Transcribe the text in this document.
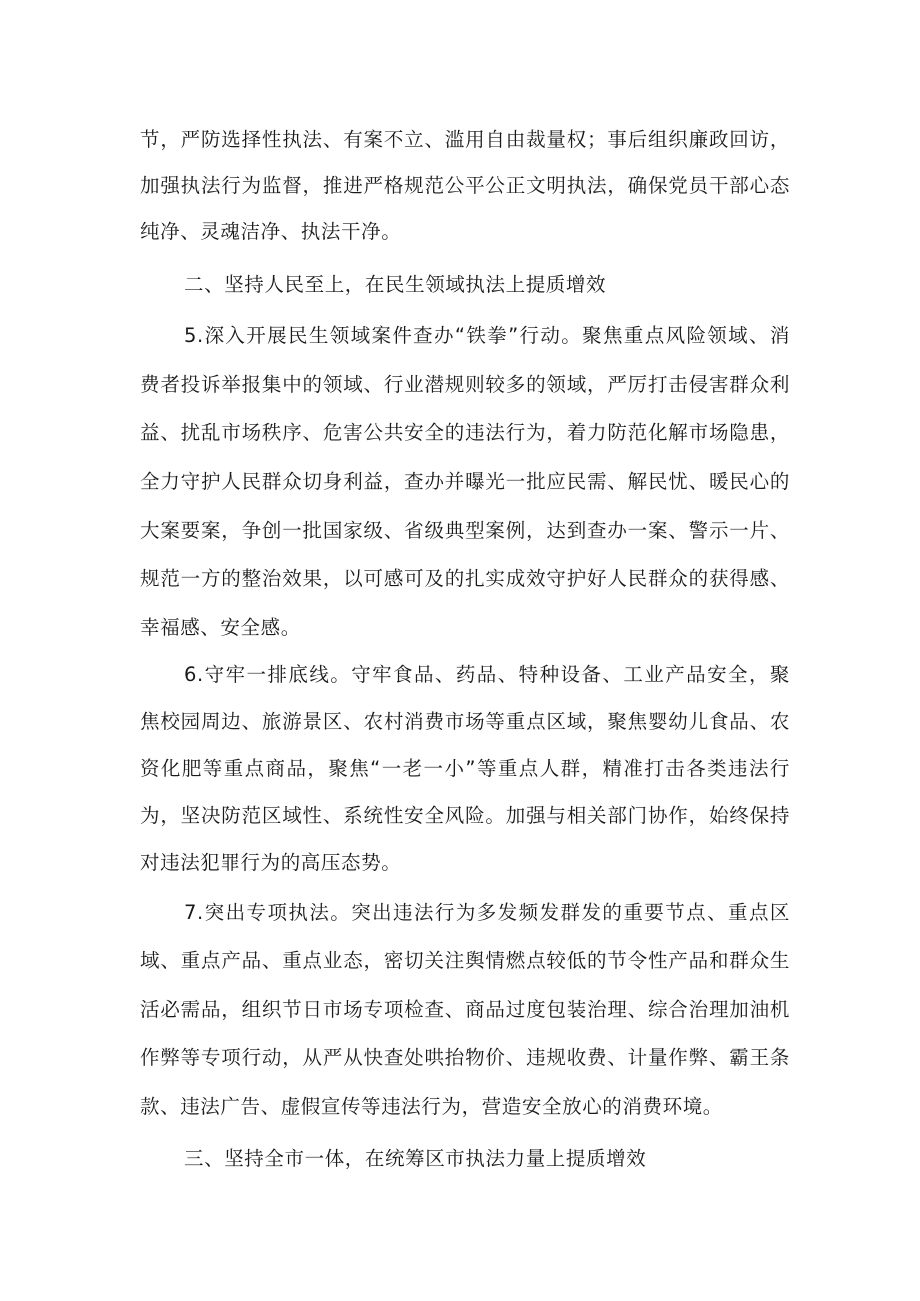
节，严防选择性执法、有案不立、滥用自由裁量权；事后组织廉政回访，
加强执法行为监督，推进严格规范公平公正文明执法，确保党员干部心态
纯净、灵魂洁净、执法干净。
二、坚持人民至上，在民生领域执法上提质增效
5.深入开展民生领域案件查办“铁拳”行动。聚焦重点风险领域、消
费者投诉举报集中的领域、行业潜规则较多的领域，严厉打击侵害群众利
益、扰乱市场秩序、危害公共安全的违法行为，着力防范化解市场隐患，
全力守护人民群众切身利益，查办并曝光一批应民需、解民忧、暖民心的
大案要案，争创一批国家级、省级典型案例，达到查办一案、警示一片、
规范一方的整治效果，以可感可及的扎实成效守护好人民群众的获得感、
幸福感、安全感。
6.守牢一排底线。守牢食品、药品、特种设备、工业产品安全，聚
焦校园周边、旅游景区、农村消费市场等重点区域，聚焦婴幼儿食品、农
资化肥等重点商品，聚焦“一老一小”等重点人群，精准打击各类违法行
为，坚决防范区域性、系统性安全风险。加强与相关部门协作，始终保持
对违法犯罪行为的高压态势。
7.突出专项执法。突出违法行为多发频发群发的重要节点、重点区
域、重点产品、重点业态，密切关注舆情燃点较低的节令性产品和群众生
活必需品，组织节日市场专项检查、商品过度包装治理、综合治理加油机
作弊等专项行动，从严从快查处哄抬物价、违规收费、计量作弊、霸王条
款、违法广告、虚假宣传等违法行为，营造安全放心的消费环境。
三、坚持全市一体，在统筹区市执法力量上提质增效
